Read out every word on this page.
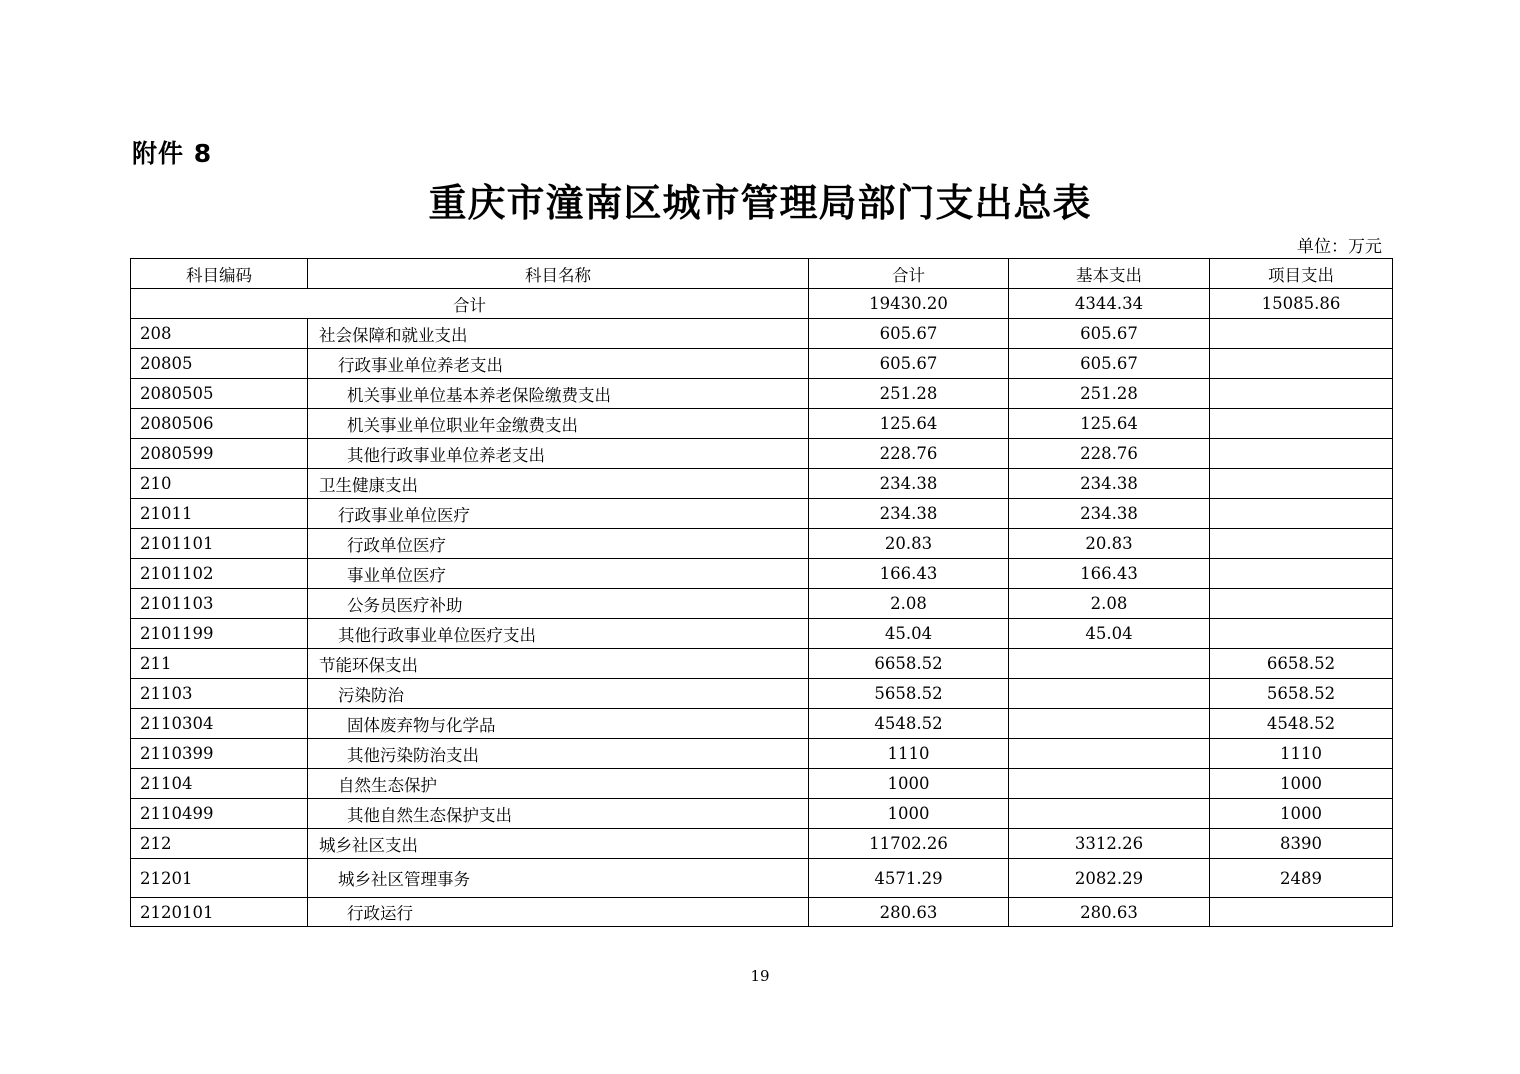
附件 8
重庆市潼南区城市管理局部门支出总表
单位：万元
科目编码	科目名称	合计	基本支出	项目支出
合计		19430.20	4344.34	15085.86
208	社会保障和就业支出	605.67	605.67	
20805	行政事业单位养老支出	605.67	605.67	
2080505	机关事业单位基本养老保险缴费支出	251.28	251.28	
2080506	机关事业单位职业年金缴费支出	125.64	125.64	
2080599	其他行政事业单位养老支出	228.76	228.76	
210	卫生健康支出	234.38	234.38	
21011	行政事业单位医疗	234.38	234.38	
2101101	行政单位医疗	20.83	20.83	
2101102	事业单位医疗	166.43	166.43	
2101103	公务员医疗补助	2.08	2.08	
2101199	其他行政事业单位医疗支出	45.04	45.04	
211	节能环保支出	6658.52		6658.52
21103	污染防治	5658.52		5658.52
2110304	固体废弃物与化学品	4548.52		4548.52
2110399	其他污染防治支出	1110		1110
21104	自然生态保护	1000		1000
2110499	其他自然生态保护支出	1000		1000
212	城乡社区支出	11702.26	3312.26	8390
21201	城乡社区管理事务	4571.29	2082.29	2489
2120101	行政运行	280.63	280.63	
19
